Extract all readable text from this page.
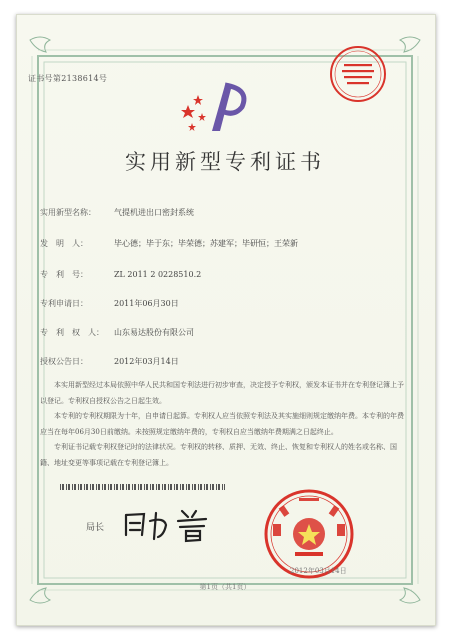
证书号第2138614号
实用新型专利证书
实用新型名称： 气提机进出口密封系统
发　明　人：	毕心德；毕于东；毕荣德；苏建军；毕研恒；王荣新
专　利　号：	ZL 2011 2 0228510.2
专利申请日：	2011年06月30日
专　利　权　人： 山东易达股份有限公司
授权公告日：	2012年03月14日

本实用新型经过本局依照中华人民共和国专利法进行初步审查，决定授予专利权，颁发本证书并在专利登记簿上予以登记。专利权自授权公告之日起生效。

本专利的专利权期限为十年，自申请日起算。专利权人应当依照专利法及其实施细则规定缴纳年费。本专利的年费应当在每年06月30日前缴纳。未按照规定缴纳年费的，专利权自应当缴纳年费期满之日起终止。

专利证书记载专利权登记时的法律状况。专利权的转移、质押、无效、终止、恢复和专利权人的姓名或名称、国籍、地址变更等事项记载在专利登记簿上。

局长
2012年03月14日
第1页（共1页）
